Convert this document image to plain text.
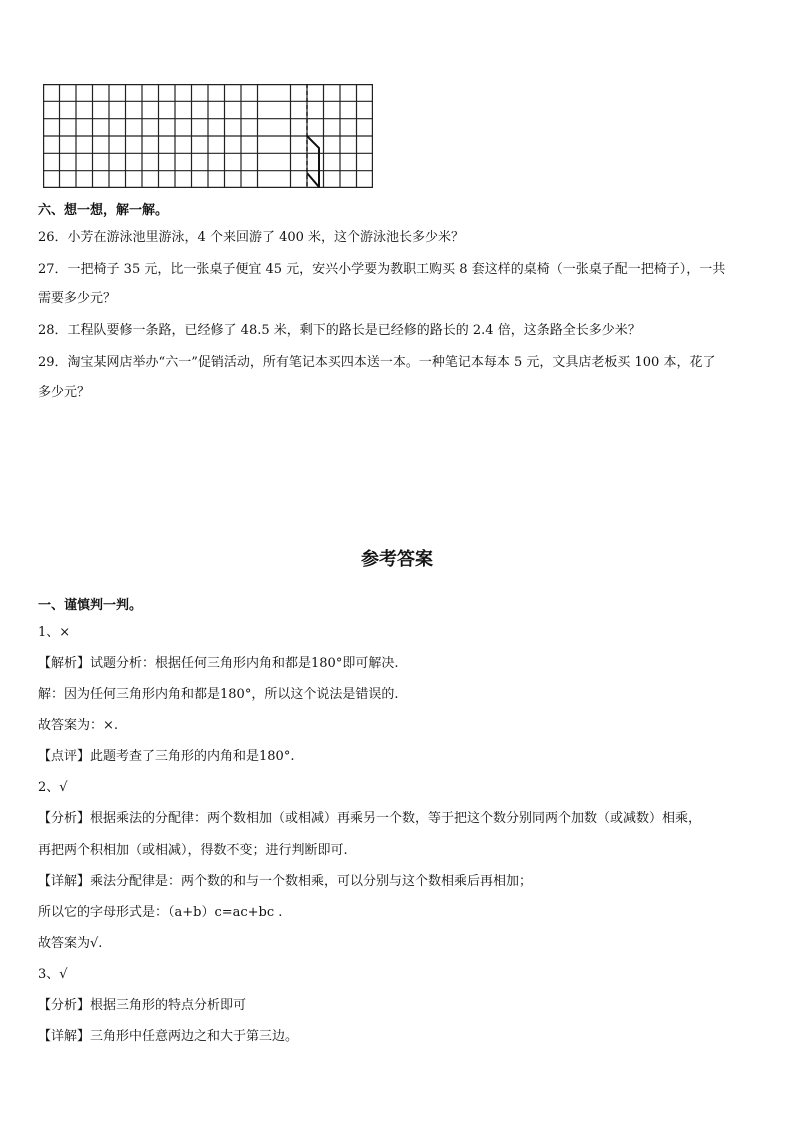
六、想一想，解一解。
26．小芳在游泳池里游泳，4 个来回游了 400 米，这个游泳池长多少米？
27．一把椅子 35 元，比一张桌子便宜 45 元，安兴小学要为教职工购买 8 套这样的桌椅（一张桌子配一把椅子），一共
需要多少元？
28．工程队要修一条路，已经修了 48.5 米，剩下的路长是已经修的路长的 2.4 倍，这条路全长多少米？
29．淘宝某网店举办“六一”促销活动，所有笔记本买四本送一本。一种笔记本每本 5 元，文具店老板买 100 本，花了
多少元？
参考答案
一、谨慎判一判。
1、×
【解析】试题分析：根据任何三角形内角和都是180°即可解决.
解：因为任何三角形内角和都是180°，所以这个说法是错误的.
故答案为：×.
【点评】此题考查了三角形的内角和是180°.
2、√
【分析】根据乘法的分配律：两个数相加（或相减）再乘另一个数，等于把这个数分别同两个加数（或减数）相乘，
再把两个积相加（或相减），得数不变；进行判断即可.
【详解】乘法分配律是：两个数的和与一个数相乘，可以分别与这个数相乘后再相加；
所以它的字母形式是：（a+b）c=ac+bc .
故答案为√.
3、√
【分析】根据三角形的特点分析即可
【详解】三角形中任意两边之和大于第三边。
